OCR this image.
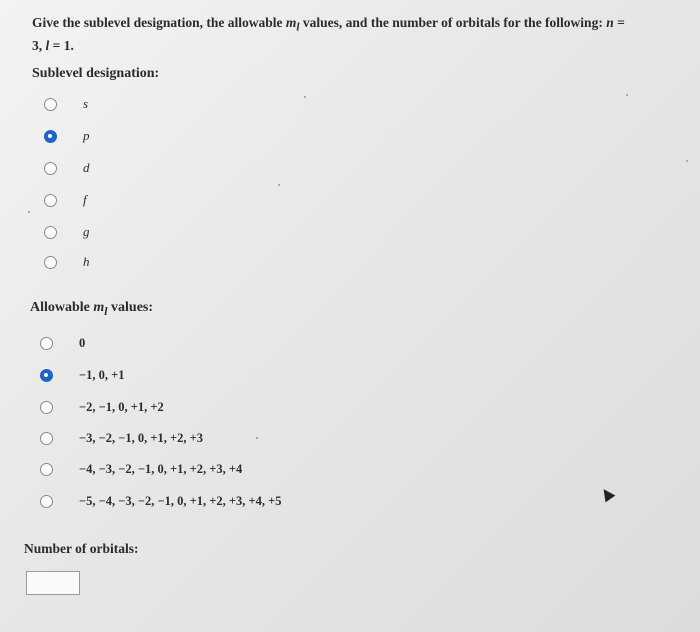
Give the sublevel designation, the allowable $m_l$ values, and the number of orbitals for the following: n =
3, l = 1.
Sublevel designation:
s
p
d
f
g
h
Allowable $m_l$ values:
0
−1, 0, +1
−2, −1, 0, +1, +2
−3, −2, −1, 0, +1, +2, +3
−4, −3, −2, −1, 0, +1, +2, +3, +4
−5, −4, −3, −2, −1, 0, +1, +2, +3, +4, +5
Number of orbitals:
